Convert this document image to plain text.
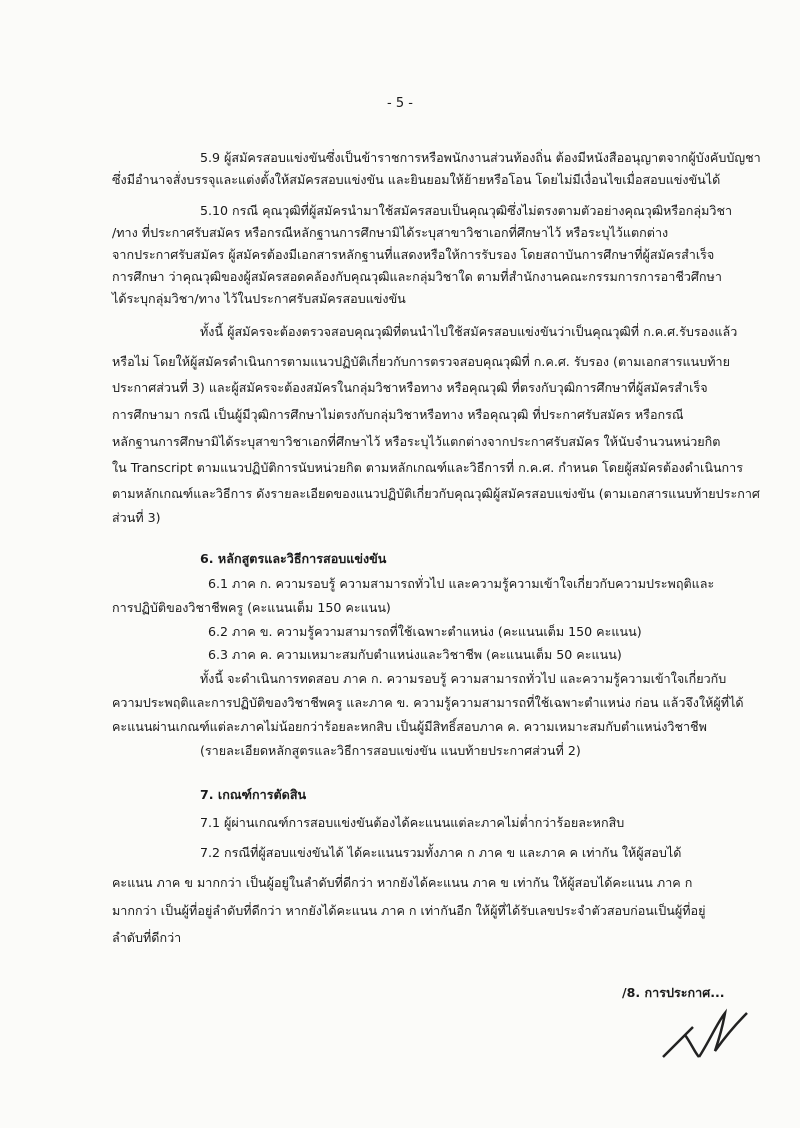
- 5 -
5.9 ผู้สมัครสอบแข่งขันซึ่งเป็นข้าราชการหรือพนักงานส่วนท้องถิ่น ต้องมีหนังสืออนุญาตจากผู้บังคับบัญชา
ซึ่งมีอำนาจสั่งบรรจุและแต่งตั้งให้สมัครสอบแข่งขัน และยินยอมให้ย้ายหรือโอน โดยไม่มีเงื่อนไขเมื่อสอบแข่งขันได้
5.10 กรณี คุณวุฒิที่ผู้สมัครนำมาใช้สมัครสอบเป็นคุณวุฒิซึ่งไม่ตรงตามตัวอย่างคุณวุฒิหรือกลุ่มวิชา
/ทาง ที่ประกาศรับสมัคร หรือกรณีหลักฐานการศึกษามิได้ระบุสาขาวิชาเอกที่ศึกษาไว้ หรือระบุไว้แตกต่าง
จากประกาศรับสมัคร ผู้สมัครต้องมีเอกสารหลักฐานที่แสดงหรือให้การรับรอง โดยสถาบันการศึกษาที่ผู้สมัครสำเร็จ
การศึกษา ว่าคุณวุฒิของผู้สมัครสอดคล้องกับคุณวุฒิและกลุ่มวิชาใด ตามที่สำนักงานคณะกรรมการการอาชีวศึกษา
ได้ระบุกลุ่มวิชา/ทาง ไว้ในประกาศรับสมัครสอบแข่งขัน
ทั้งนี้ ผู้สมัครจะต้องตรวจสอบคุณวุฒิที่ตนนำไปใช้สมัครสอบแข่งขันว่าเป็นคุณวุฒิที่ ก.ค.ศ.รับรองแล้ว
หรือไม่ โดยให้ผู้สมัครดำเนินการตามแนวปฏิบัติเกี่ยวกับการตรวจสอบคุณวุฒิที่ ก.ค.ศ. รับรอง (ตามเอกสารแนบท้าย
ประกาศส่วนที่ 3) และผู้สมัครจะต้องสมัครในกลุ่มวิชาหรือทาง หรือคุณวุฒิ ที่ตรงกับวุฒิการศึกษาที่ผู้สมัครสำเร็จ
การศึกษามา กรณี เป็นผู้มีวุฒิการศึกษาไม่ตรงกับกลุ่มวิชาหรือทาง หรือคุณวุฒิ ที่ประกาศรับสมัคร หรือกรณี
หลักฐานการศึกษามิได้ระบุสาขาวิชาเอกที่ศึกษาไว้ หรือระบุไว้แตกต่างจากประกาศรับสมัคร ให้นับจำนวนหน่วยกิต
ใน Transcript ตามแนวปฏิบัติการนับหน่วยกิต ตามหลักเกณฑ์และวิธีการที่ ก.ค.ศ. กำหนด โดยผู้สมัครต้องดำเนินการ
ตามหลักเกณฑ์และวิธีการ ดังรายละเอียดของแนวปฏิบัติเกี่ยวกับคุณวุฒิผู้สมัครสอบแข่งขัน (ตามเอกสารแนบท้ายประกาศ
ส่วนที่ 3)
6. หลักสูตรและวิธีการสอบแข่งขัน
6.1 ภาค ก. ความรอบรู้ ความสามารถทั่วไป และความรู้ความเข้าใจเกี่ยวกับความประพฤติและ
การปฏิบัติของวิชาชีพครู (คะแนนเต็ม 150 คะแนน)
6.2 ภาค ข. ความรู้ความสามารถที่ใช้เฉพาะตำแหน่ง (คะแนนเต็ม 150 คะแนน)
6.3 ภาค ค. ความเหมาะสมกับตำแหน่งและวิชาชีพ (คะแนนเต็ม 50 คะแนน)
ทั้งนี้ จะดำเนินการทดสอบ ภาค ก. ความรอบรู้ ความสามารถทั่วไป และความรู้ความเข้าใจเกี่ยวกับ
ความประพฤติและการปฏิบัติของวิชาชีพครู และภาค ข. ความรู้ความสามารถที่ใช้เฉพาะตำแหน่ง ก่อน แล้วจึงให้ผู้ที่ได้
คะแนนผ่านเกณฑ์แต่ละภาคไม่น้อยกว่าร้อยละหกสิบ เป็นผู้มีสิทธิ์สอบภาค ค. ความเหมาะสมกับตำแหน่งวิชาชีพ
(รายละเอียดหลักสูตรและวิธีการสอบแข่งขัน แนบท้ายประกาศส่วนที่ 2)
7. เกณฑ์การตัดสิน
7.1 ผู้ผ่านเกณฑ์การสอบแข่งขันต้องได้คะแนนแต่ละภาคไม่ต่ำกว่าร้อยละหกสิบ
7.2 กรณีที่ผู้สอบแข่งขันได้ ได้คะแนนรวมทั้งภาค ก ภาค ข และภาค ค เท่ากัน ให้ผู้สอบได้
คะแนน ภาค ข มากกว่า เป็นผู้อยู่ในลำดับที่ดีกว่า หากยังได้คะแนน ภาค ข เท่ากัน ให้ผู้สอบได้คะแนน ภาค ก
มากกว่า เป็นผู้ที่อยู่ลำดับที่ดีกว่า หากยังได้คะแนน ภาค ก เท่ากันอีก ให้ผู้ที่ได้รับเลขประจำตัวสอบก่อนเป็นผู้ที่อยู่
ลำดับที่ดีกว่า
/8. การประกาศ...
